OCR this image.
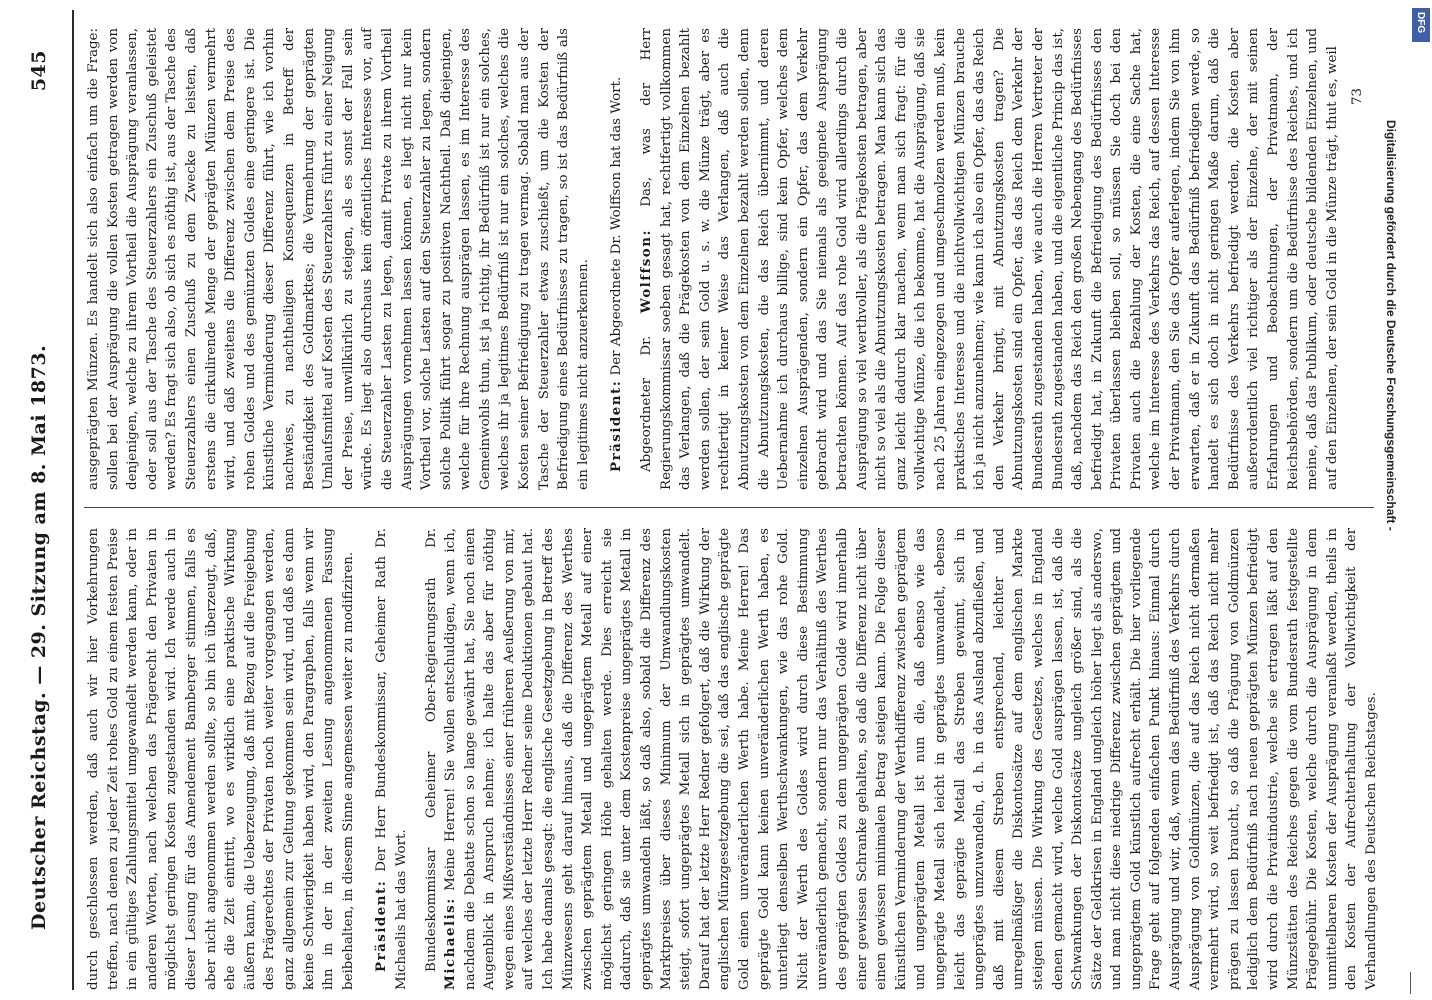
Deutscher Reichstag. — 29. Sitzung am 8. Mai 1873.
545

durch geschlossen werden, daß auch wir hier Vorkehrungen treffen, nach denen zu jeder Zeit rohes Gold zu einem festen Preise in ein gültiges Zahlungsmittel umgewandelt werden kann, oder in anderen Worten, nach welchen das Prägerecht den Privaten in möglichst geringen Kosten zugestanden wird. Ich werde auch in dieser Lesung für das Amendement Bamberger stimmen, falls es aber nicht angenommen werden sollte, so bin ich überzeugt, daß, ehe die Zeit eintritt, wo es wirklich eine praktische Wirkung äußern kann, die Ueberzeugung, daß mit Bezug auf die Freigebung des Prägerechtes der Privaten noch weiter vorgegangen werden, ganz allgemein zur Geltung gekommen sein wird, und daß es dann keine Schwierigkeit haben wird, den Paragraphen, falls wenn wir ihn in der in der zweiten Lesung angenommenen Fassung beibehalten, in diesem Sinne angemessen weiter zu modifiziren. Präsident: Der Herr Bundeskommissar, Geheimer Rath Dr. Michaelis hat das Wort. Bundeskommissar Geheimer Ober-Regierungsrath Dr. Michaelis: Meine Herren! Sie wollen entschuldigen, wenn ich, nachdem die Debatte schon so lange gewährt hat, Sie noch einen Augenblick in Anspruch nehme; ich halte das aber für nöthig wegen eines Mißverständnisses einer früheren Aeußerung von mir, auf welches der letzte Herr Redner seine Deduktionen gebaut hat. Ich habe damals gesagt: die englische Gesetzgebung in Betreff des Münzwesens geht darauf hinaus, daß die Differenz des Werthes zwischen geprägtem Metall und ungeprägtem Metall auf einer möglichst geringen Höhe gehalten werde. Dies erreicht sie dadurch, daß sie unter dem Kostenpreise ungeprägtes Metall in geprägtes umwandeln läßt, so daß also, sobald die Differenz des Marktpreises über dieses Minimum der Umwandlungskosten steigt, sofort ungeprägtes Metall sich in geprägtes umwandelt. Darauf hat der letzte Herr Redner gefolgert, daß die Wirkung der englischen Münzgesetzgebung die sei, daß das englische geprägte Gold einen unveränderlichen Werth habe. Meine Herren! Das geprägte Gold kann keinen unveränderlichen Werth haben, es unterliegt denselben Werthschwankungen, wie das rohe Gold. Nicht der Werth des Goldes wird durch diese Bestimmung unveränderlich gemacht, sondern nur das Verhältniß des Werthes des geprägten Goldes zu dem ungeprägten Golde wird innerhalb einer gewissen Schranke gehalten, so daß die Differenz nicht über einen gewissen minimalen Betrag steigen kann. Die Folge dieser künstlichen Verminderung der Werthdifferenz zwischen geprägtem und ungeprägtem Metall ist nun die, daß ebenso wie das ungeprägte Metall sich leicht in geprägtes umwandelt, ebenso leicht das geprägte Metall das Streben gewinnt, sich in ungeprägtes umzuwandeln, d. h. in das Ausland abzufließen, und daß mit diesem Streben entsprechend, leichter und unregelmäßiger die Diskontosätze auf dem englischen Markte steigen müssen. Die Wirkung des Gesetzes, welches in England denen gemacht wird, welche Gold ausprägen lassen, ist, daß die Schwankungen der Diskontosätze ungleich größer sind, als die Sätze der Geldkrisen in England ungleich höher liegt als anderswo, und man nicht diese niedrige Differenz zwischen geprägtem und ungeprägtem Gold künstlich aufrecht erhält. Die hier vorliegende Frage geht auf folgenden einfachen Punkt hinaus: Einmal durch Ausprägung und wir, daß, wenn das Bedürfniß des Verkehrs durch Ausprägung von Goldmünzen, die auf das Reich nicht dermaßen vermehrt wird, so weit befriedigt ist, daß das Reich nicht mehr prägen zu lassen braucht, so daß die Prägung von Goldmünzen lediglich dem Bedürfniß nach neuen geprägten Münzen befriedigt wird durch die Privatindustrie, welche sie ertragen läßt auf den Münzstätten des Reiches gegen die vom Bundesrath festgestellte Prägegebühr. Die Kosten, welche durch die Ausprägung in dem unmittelbaren Kosten der Ausprägung veranlaßt werden, theils in den Kosten der Aufrechterhaltung der Vollwichtigkeit der Verhandlungen des Deutschen Reichstages.

ausgeprägten Münzen. Es handelt sich also einfach um die Frage: sollen bei der Ausprägung die vollen Kosten getragen werden von denjenigen, welche zu ihrem Vortheil die Ausprägung veranlassen, oder soll aus der Tasche des Steuerzahlers ein Zuschuß geleistet werden? Es fragt sich also, ob sich es nöthig ist, aus der Tasche des Steuerzahlers einen Zuschuß zu dem Zwecke zu leisten, daß erstens die cirkulirende Menge der geprägten Münzen vermehrt wird, und daß zweitens die Differenz zwischen dem Preise des rohen Goldes und des gemünzten Goldes eine geringere ist. Die künstliche Verminderung dieser Differenz führt, wie ich vorhin nachwies, zu nachtheiligen Konsequenzen in Betreff der Beständigkeit des Goldmarktes; die Vermehrung der geprägten Umlaufsmittel auf Kosten des Steuerzahlers führt zu einer Neigung der Preise, unwillkürlich zu steigen, als es sonst der Fall sein würde. Es liegt also durchaus kein öffentliches Interesse vor, auf die Steuerzahler Lasten zu legen, damit Private zu ihrem Vortheil Ausprägungen vornehmen lassen können, es liegt nicht nur kein Vortheil vor, solche Lasten auf den Steuerzahler zu legen, sondern solche Politik führt sogar zu positiven Nachtheil. Daß diejenigen, welche für ihre Rechnung ausprägen lassen, es im Interesse des Gemeinwohls thun, ist ja richtig, ihr Bedürfniß ist nur ein solches, welches ihr ja legitimes Bedürfniß ist nur ein solches, welches die Kosten seiner Befriedigung zu tragen vermag. Sobald man aus der Tasche der Steuerzahler etwas zuschießt, um die Kosten der Befriedigung eines Bedürfnisses zu tragen, so ist das Bedürfniß als ein legitimes nicht anzuerkennen. Präsident: Der Abgeordnete Dr. Wolffson hat das Wort.

Abgeordneter Dr. Wolffson: Das, was der Herr Regierungskommissar soeben gesagt hat, rechtfertigt vollkommen das Verlangen, daß die Prägekosten von dem Einzelnen bezahlt werden sollen, der sein Gold u. s. w. die Münze trägt, aber es rechtfertigt in keiner Weise das Verlangen, daß auch die Abnutzungskosten von dem Einzelnen bezahlt werden sollen, denn die Abnutzungskosten, die das Reich übernimmt, und deren Uebernahme ich durchaus billige, sind kein Opfer, welches dem einzelnen Ausprägenden, sondern ein Opfer, das dem Verkehr gebracht wird und das Sie niemals als geeignete Ausprägung betrachten können. Auf das rohe Gold wird allerdings durch die Ausprägung so viel werthvoller, als die Prägekosten betragen, aber nicht so viel als die Abnutzungskosten betragen. Man kann sich das ganz leicht dadurch klar machen, wenn man sich fragt: für die vollwichtige Münze, die ich bekomme, hat die Ausprägung, daß sie nach 25 Jahren eingezogen und umgeschmolzen werden muß, kein praktisches Interesse und die nichtvollwichtigen Münzen brauche ich ja nicht anzunehmen; wie kann ich also ein Opfer, das das Reich den Verkehr bringt, mit Abnutzungskosten tragen? Die Abnutzungskosten sind ein Opfer, das das Reich dem Verkehr der Bundesrath zugestanden haben, wie auch die Herren Vertreter der Bundesrath zugestanden haben, und die eigentliche Princip das ist, daß, nachdem das Reich den großen Nebengang des Bedürfnisses befriedigt hat, in Zukunft die Befriedigung des Bedürfnisses den Privaten überlassen bleiben soll, so müssen Sie doch bei den Privaten auch die Bezahlung der Kosten, die eine Sache hat, welche im Interesse des Verkehrs das Reich, auf dessen Interesse der Privatmann, den Sie das Opfer auferlegen, indem Sie von ihm erwarten, daß er in Zukunft das Bedürfniß befriedigen werde, so handelt es sich doch in nicht geringen Maße darum, daß die Bedürfnisse des Verkehrs befriedigt werden, die Kosten aber außerordentlich viel richtiger als der Einzelne, der mit seinen Erfahrungen und Beobachtungen, der Privatmann, der Reichsbehörden, sondern um die Bedürfnisse des Reiches, und ich meine, daß das Publikum, oder deutsche bildenden Einzelnen, und auf den Einzelnen, der sein Gold in die Münze trägt, thut es, weil 73

DFG
Digitalisierung gefördert durch die Deutsche Forschungsgemeinschaft -
